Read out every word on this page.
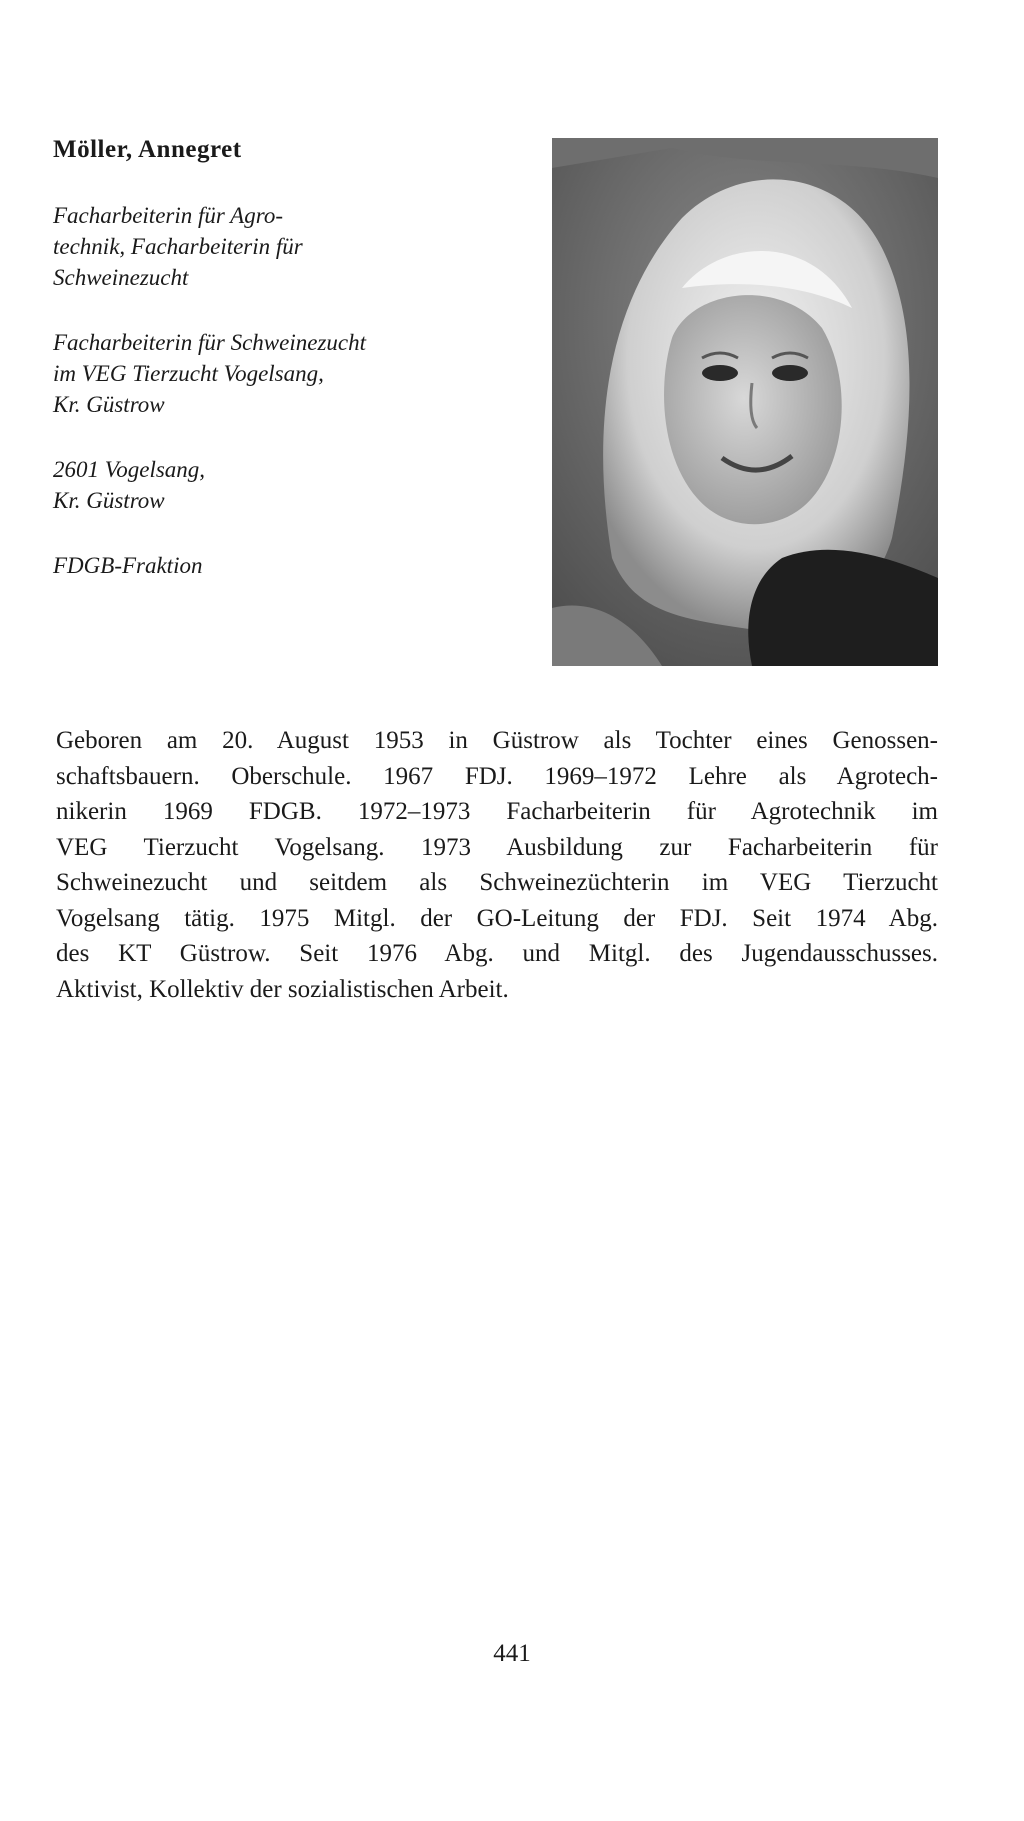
Möller, Annegret

Facharbeiterin für Agro-
technik, Facharbeiterin für
Schweinezucht

Facharbeiterin für Schweinezucht
im VEG Tierzucht Vogelsang,
Kr. Güstrow

2601 Vogelsang,
Kr. Güstrow

FDGB-Fraktion

Geboren am 20. August 1953 in Güstrow als Tochter eines Genossen-
schaftsbauern. Oberschule. 1967 FDJ. 1969–1972 Lehre als Agrotech-
nikerin 1969 FDGB. 1972–1973 Facharbeiterin für Agrotechnik im
VEG Tierzucht Vogelsang. 1973 Ausbildung zur Facharbeiterin für
Schweinezucht und seitdem als Schweinezüchterin im VEG Tierzucht
Vogelsang tätig. 1975 Mitgl. der GO-Leitung der FDJ. Seit 1974 Abg.
des KT Güstrow. Seit 1976 Abg. und Mitgl. des Jugendausschusses.
Aktivist, Kollektiv der sozialistischen Arbeit.
441
